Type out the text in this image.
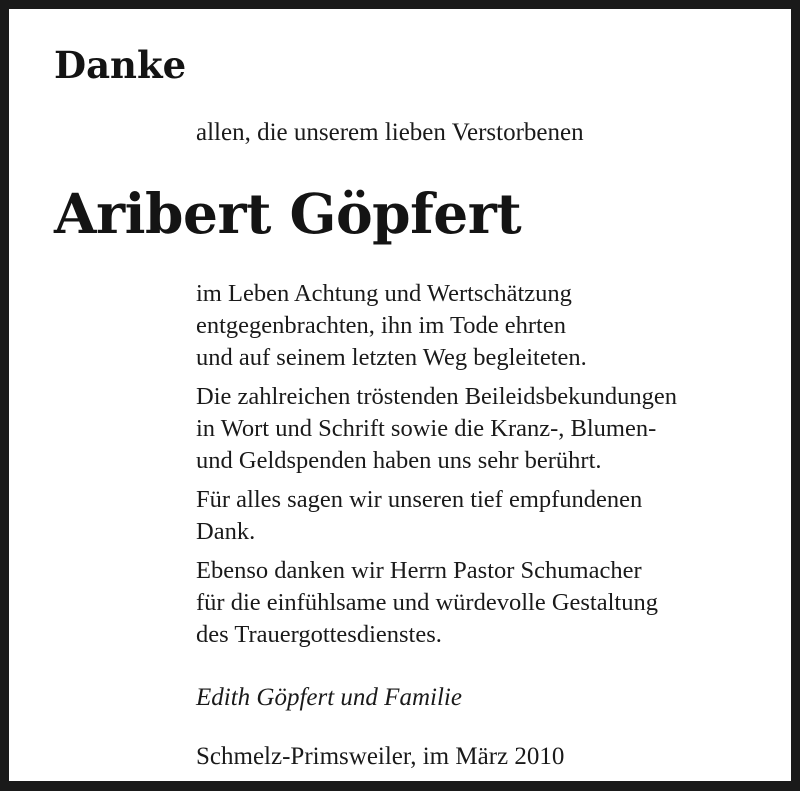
Danke

allen, die unserem lieben Verstorbenen

Aribert Göpfert

im Leben Achtung und Wertschätzung
entgegenbrachten, ihn im Tode ehrten
und auf seinem letzten Weg begleiteten.

Die zahlreichen tröstenden Beileidsbekundungen
in Wort und Schrift sowie die Kranz-, Blumen-
und Geldspenden haben uns sehr berührt.

Für alles sagen wir unseren tief empfundenen
Dank.

Ebenso danken wir Herrn Pastor Schumacher
für die einfühlsame und würdevolle Gestaltung
des Trauergottesdienstes.

Edith Göpfert und Familie

Schmelz-Primsweiler, im März 2010
